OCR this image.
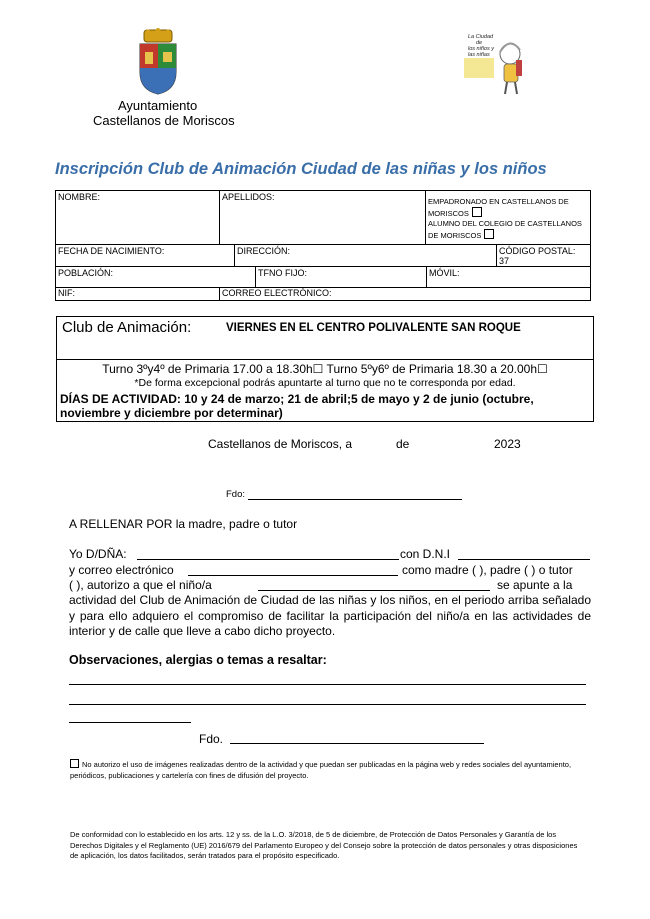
Ayuntamiento
Castellanos de Moriscos
La Ciudad
de
los niños y
las niñas
Inscripción Club de Animación Ciudad de las niñas y los niños
NOMBRE:	APELLIDOS:	EMPADRONADO EN CASTELLANOS DE MORISCOS
ALUMNO DEL COLEGIO DE CASTELLANOS DE MORISCOS
FECHA DE NACIMIENTO:	DIRECCIÓN:	CÓDIGO POSTAL:
37
POBLACIÓN:	TFNO FIJO:	MÓVIL:
NIF:	CORREO ELECTRÓNICO:
Club de Animación:	VIERNES EN EL CENTRO POLIVALENTE SAN ROQUE
Turno 3ºy4º de Primaria 17.00 a 18.30h☐ Turno 5ºy6º de Primaria 18.30 a 20.00h☐
*De forma excepcional podrás apuntarte al turno que no te corresponda por edad.
DÍAS DE ACTIVIDAD: 10 y 24 de marzo; 21 de abril;5 de mayo y 2 de junio (octubre, noviembre y diciembre por determinar)
Castellanos de Moriscos, a	de	2023
Fdo:
A RELLENAR POR la madre, padre o tutor
Yo D/DÑA:	con D.N.I
y correo electrónico	como madre ( ), padre ( ) o tutor
( ), autorizo a que el niño/a	se apunte a la
actividad del Club de Animación de Ciudad de las niñas y los niños, en el periodo arriba señalado y para ello adquiero el compromiso de facilitar la participación del niño/a en las actividades de interior y de calle que lleve a cabo dicho proyecto.
Observaciones, alergias o temas a resaltar:
Fdo.
No autorizo el uso de imágenes realizadas dentro de la actividad y que puedan ser publicadas en la página web y redes sociales del ayuntamiento, periódicos, publicaciones y cartelería con fines de difusión del proyecto.
De conformidad con lo establecido en los arts. 12 y ss. de la L.O. 3/2018, de 5 de diciembre, de Protección de Datos Personales y Garantía de los Derechos Digitales y el Reglamento (UE) 2016/679 del Parlamento Europeo y del Consejo sobre la protección de datos personales y otras disposiciones de aplicación, los datos facilitados, serán tratados para el propósito especificado.
